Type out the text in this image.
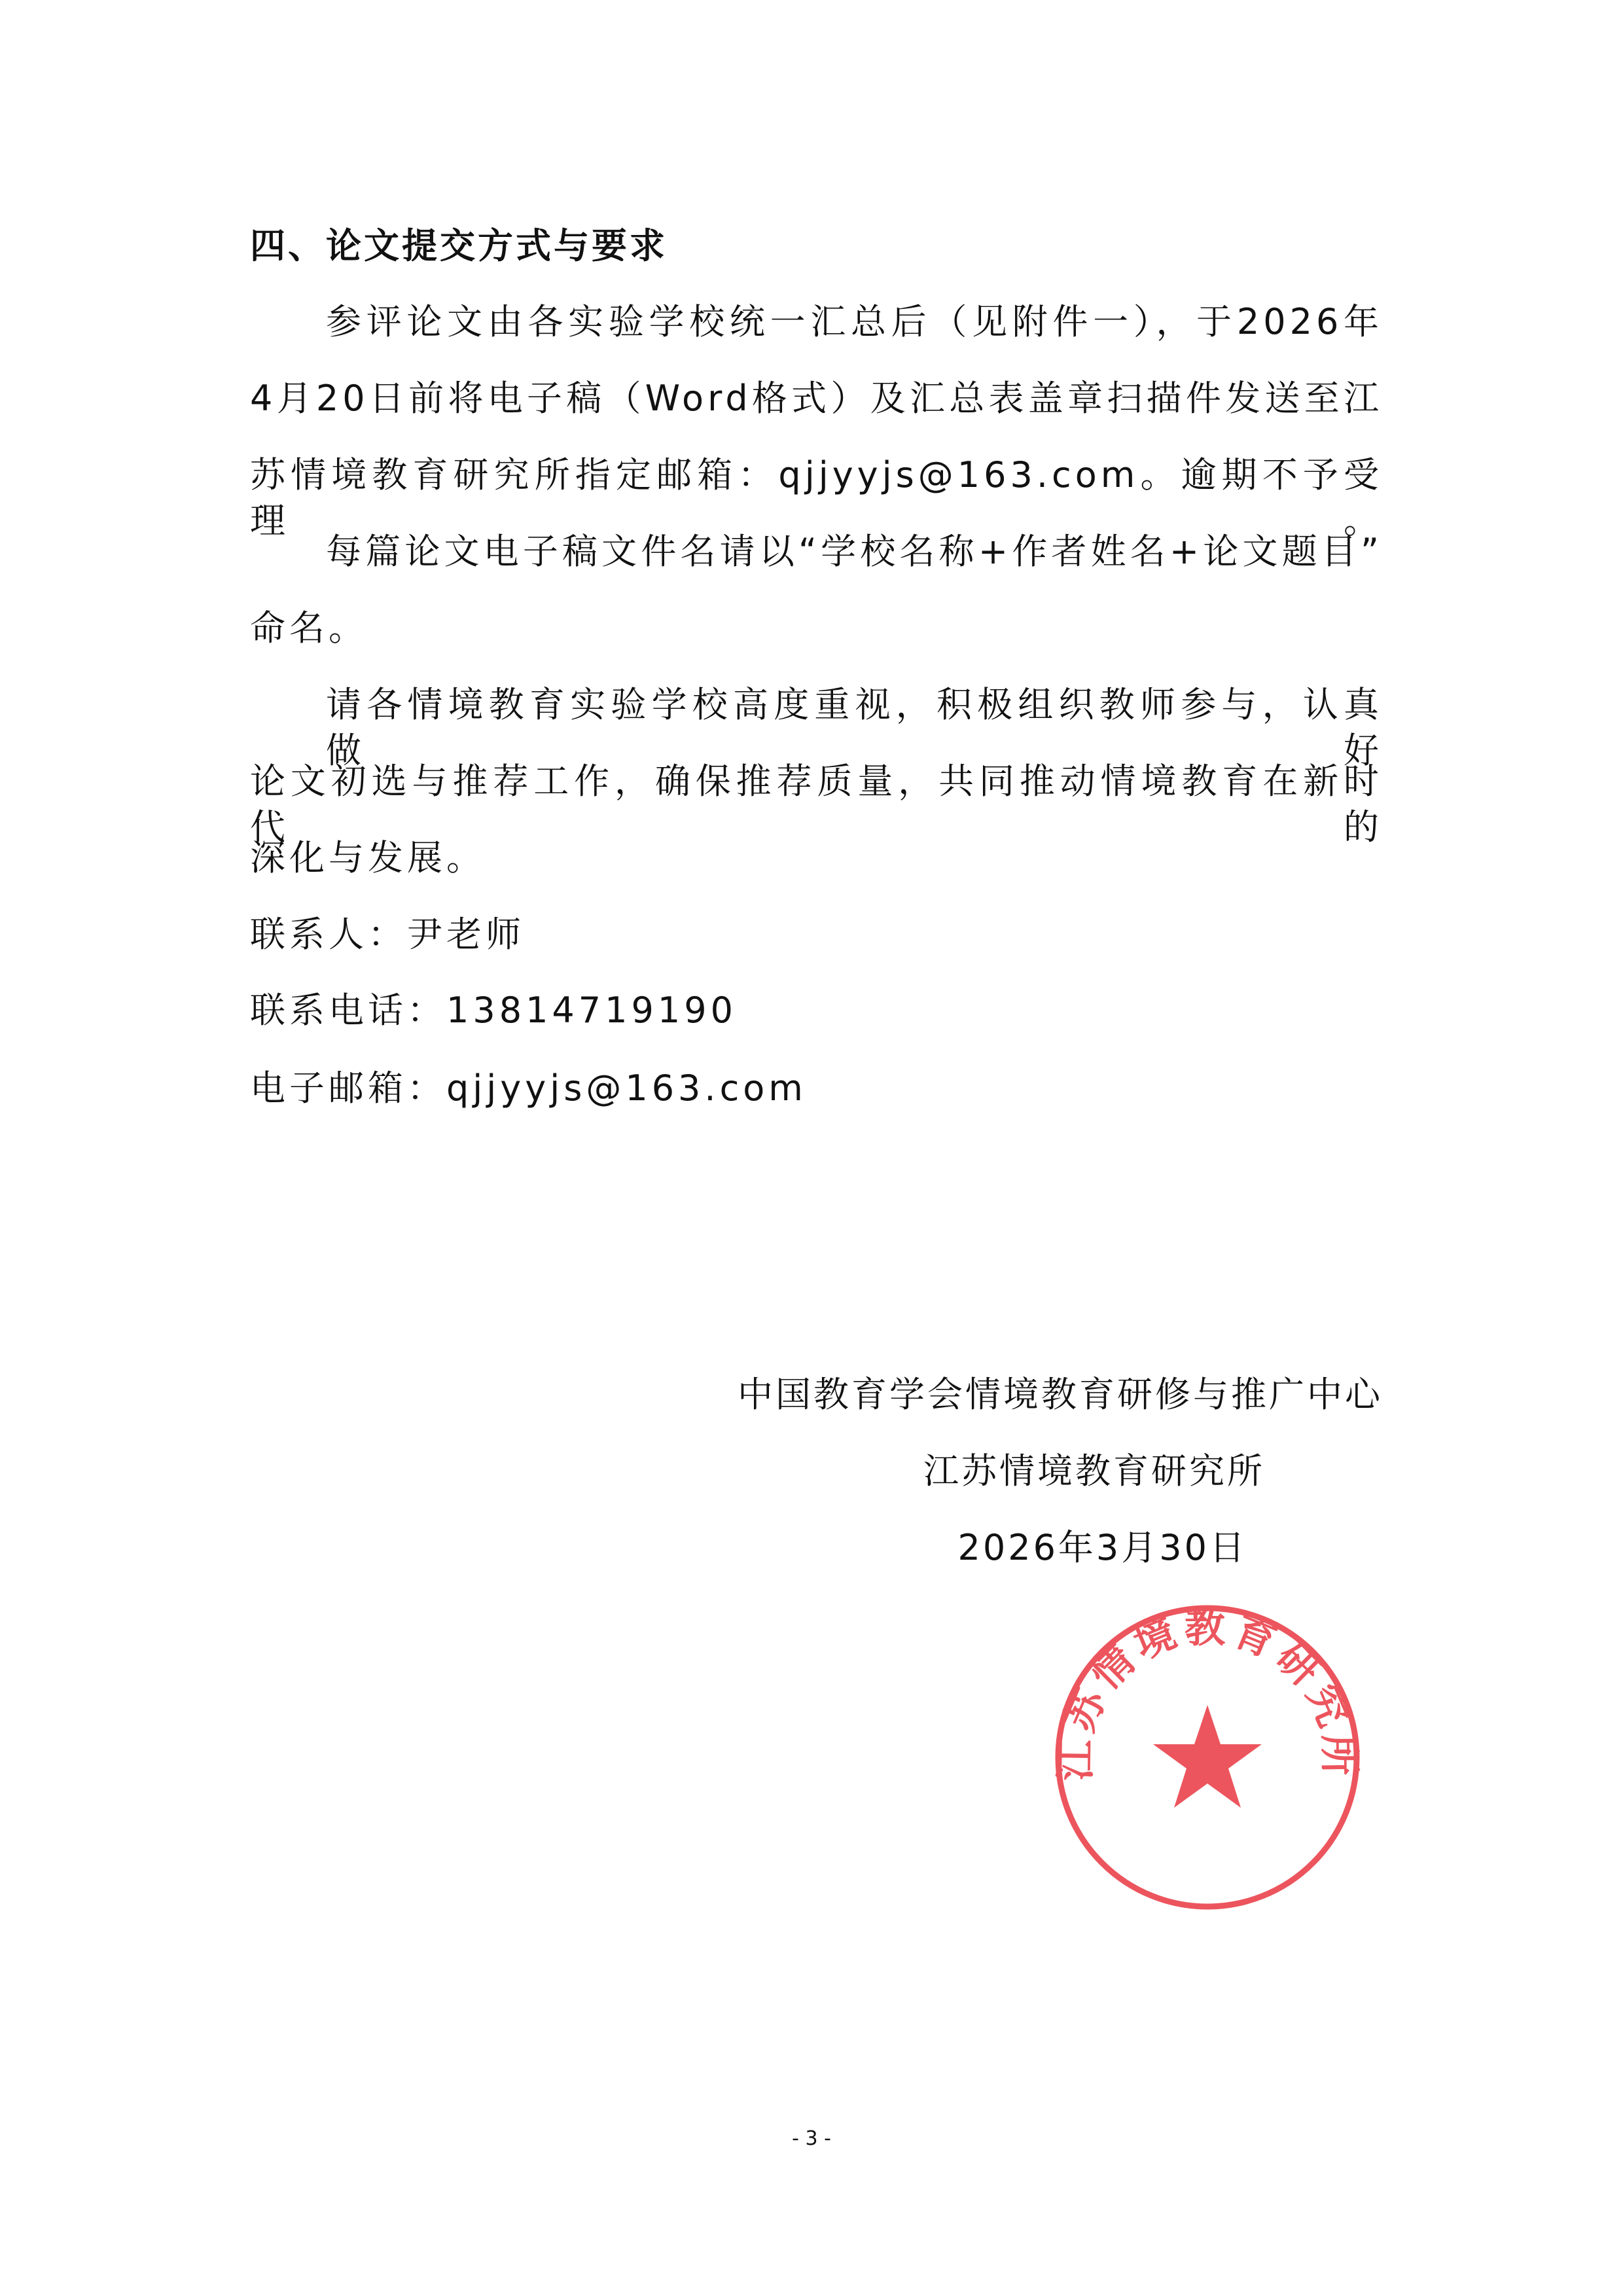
四、论文提交方式与要求
参评论文由各实验学校统一汇总后（见附件一），于2026年
4月20日前将电子稿（Word格式）及汇总表盖章扫描件发送至江
苏情境教育研究所指定邮箱：qjjyyjs@163.com。逾期不予受理。
每篇论文电子稿文件名请以“学校名称+作者姓名+论文题目”
命名。
请各情境教育实验学校高度重视，积极组织教师参与，认真做好
论文初选与推荐工作，确保推荐质量，共同推动情境教育在新时代的
深化与发展。
联系人：尹老师
联系电话：13814719190
电子邮箱：qjjyyjs@163.com
中国教育学会情境教育研修与推广中心
江苏情境教育研究所
2026年3月30日
江苏情境教育研究所
- 3 -
